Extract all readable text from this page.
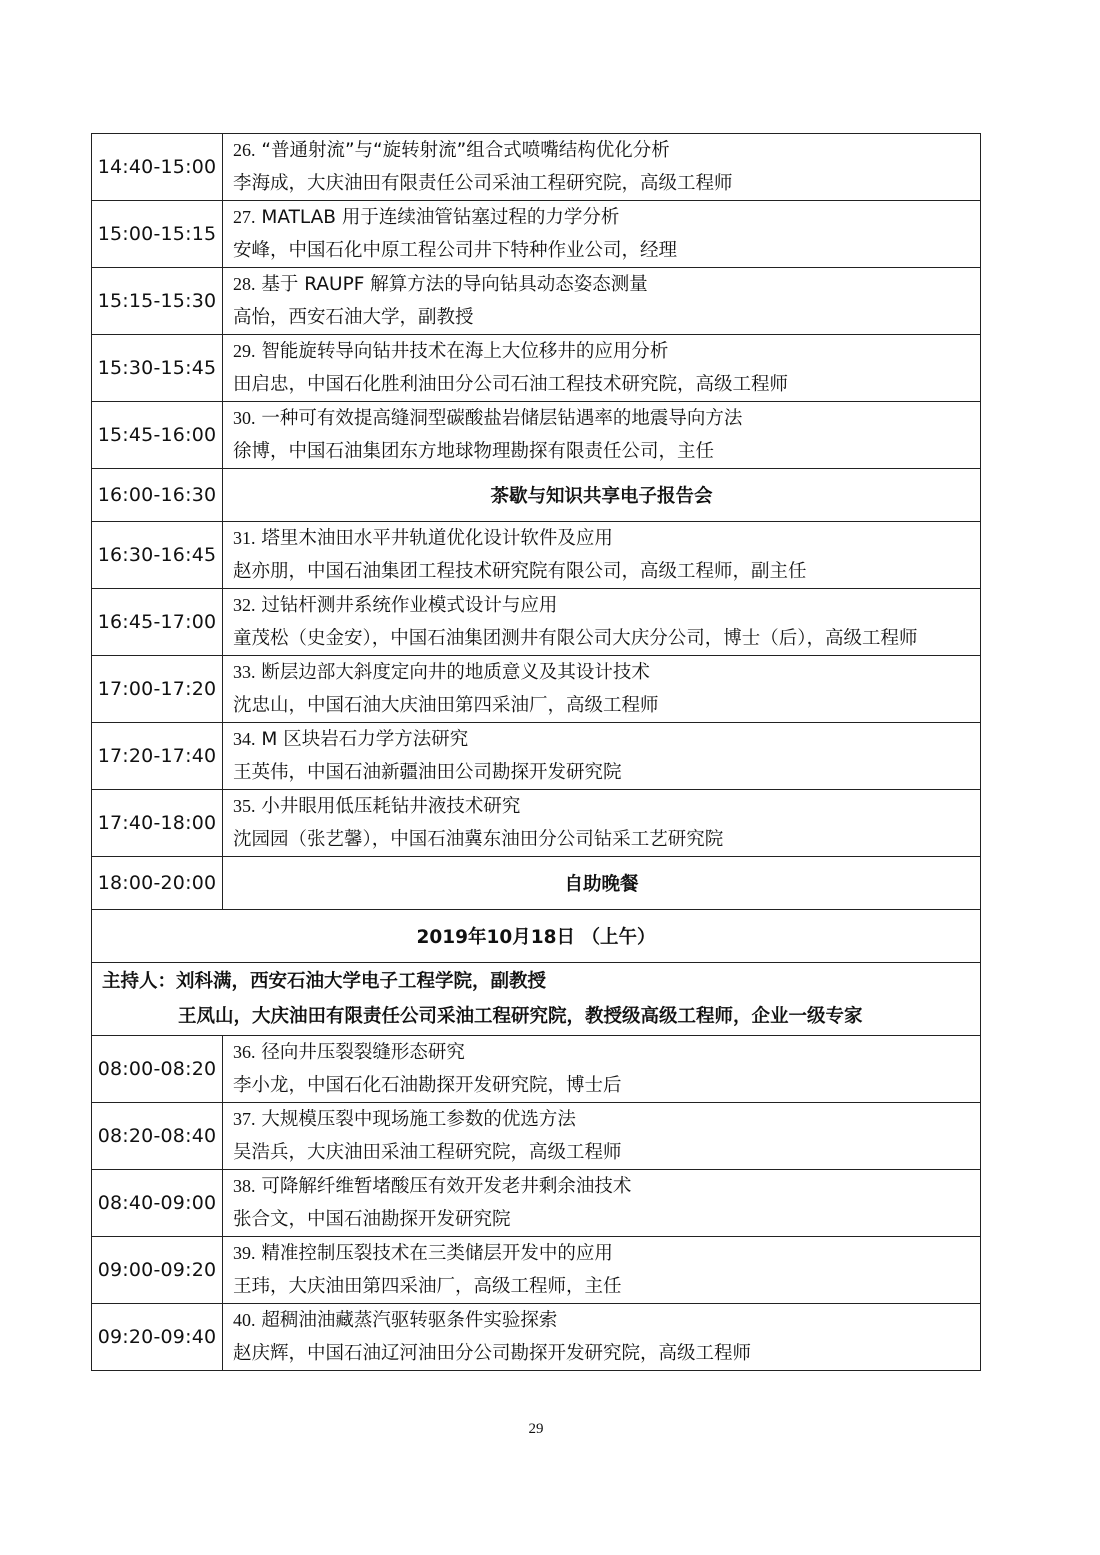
14:40-15:00	26. “普通射流”与“旋转射流”组合式喷嘴结构优化分析
李海成，大庆油田有限责任公司采油工程研究院，高级工程师

15:00-15:15	27. MATLAB 用于连续油管钻塞过程的力学分析
安峰，中国石化中原工程公司井下特种作业公司，经理

15:15-15:30	28. 基于 RAUPF 解算方法的导向钻具动态姿态测量
高怡，西安石油大学，副教授

15:30-15:45	29. 智能旋转导向钻井技术在海上大位移井的应用分析
田启忠，中国石化胜利油田分公司石油工程技术研究院，高级工程师

15:45-16:00	30. 一种可有效提高缝洞型碳酸盐岩储层钻遇率的地震导向方法
徐博，中国石油集团东方地球物理勘探有限责任公司，主任

16:00-16:30	茶歇与知识共享电子报告会
16:30-16:45	31. 塔里木油田水平井轨道优化设计软件及应用
赵亦朋，中国石油集团工程技术研究院有限公司，高级工程师，副主任

16:45-17:00	32. 过钻杆测井系统作业模式设计与应用
童茂松（史金安），中国石油集团测井有限公司大庆分公司，博士（后），高级工程师

17:00-17:20	33. 断层边部大斜度定向井的地质意义及其设计技术
沈忠山，中国石油大庆油田第四采油厂，高级工程师

17:20-17:40	34. M 区块岩石力学方法研究
王英伟，中国石油新疆油田公司勘探开发研究院

17:40-18:00	35. 小井眼用低压耗钻井液技术研究
沈园园（张艺馨），中国石油冀东油田分公司钻采工艺研究院

18:00-20:00	自助晚餐
2019年10月18日 （上午）	

主持人：刘科满，西安石油大学电子工程学院，副教授
王凤山，大庆油田有限责任公司采油工程研究院，教授级高级工程师，企业一级专家	

08:00-08:20	36. 径向井压裂裂缝形态研究
李小龙，中国石化石油勘探开发研究院，博士后

08:20-08:40	37. 大规模压裂中现场施工参数的优选方法
吴浩兵，大庆油田采油工程研究院，高级工程师

08:40-09:00	38. 可降解纤维暂堵酸压有效开发老井剩余油技术
张合文，中国石油勘探开发研究院

09:00-09:20	39. 精准控制压裂技术在三类储层开发中的应用
王玮，大庆油田第四采油厂，高级工程师，主任

09:20-09:40	40. 超稠油油藏蒸汽驱转驱条件实验探索
赵庆辉，中国石油辽河油田分公司勘探开发研究院，高级工程师
29
